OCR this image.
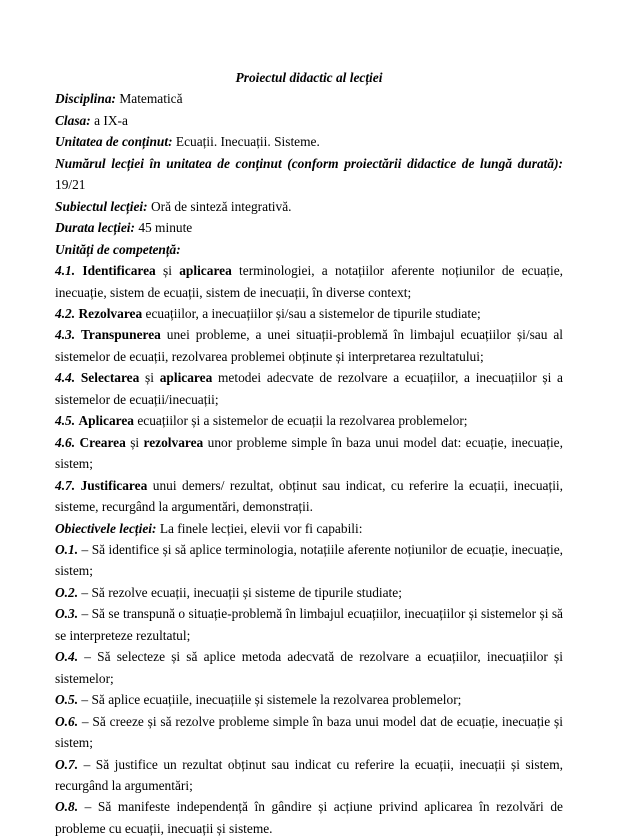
Proiectul didactic al lecției

Disciplina: Matematică

Clasa: a IX-a

Unitatea de conținut: Ecuații. Inecuații. Sisteme.

Numărul lecției în unitatea de conținut (conform proiectării didactice de lungă durată): 19/21

Subiectul lecției: Oră de sinteză integrativă.

Durata lecției: 45 minute

Unități de competență:

4.1. Identificarea și aplicarea terminologiei, a notațiilor aferente noțiunilor de ecuație, inecuație, sistem de ecuații, sistem de inecuații, în diverse context;

4.2. Rezolvarea ecuațiilor, a inecuațiilor și/sau a sistemelor de tipurile studiate;

4.3. Transpunerea unei probleme, a unei situații-problemă în limbajul ecuațiilor și/sau al sistemelor de ecuații, rezolvarea problemei obținute și interpretarea rezultatului;

4.4. Selectarea și aplicarea metodei adecvate de rezolvare a ecuațiilor, a inecuațiilor și a sistemelor de ecuații/inecuații;

4.5. Aplicarea ecuațiilor și a sistemelor de ecuații la rezolvarea problemelor;

4.6. Crearea și rezolvarea unor probleme simple în baza unui model dat: ecuație, inecuație, sistem;

4.7. Justificarea unui demers/ rezultat, obținut sau indicat, cu referire la ecuații, inecuații, sisteme, recurgând la argumentări, demonstrații.

Obiectivele lecției: La finele lecției, elevii vor fi capabili:

O.1. – Să identifice și să aplice terminologia, notațiile aferente noțiunilor de ecuație, inecuație, sistem;

O.2. – Să rezolve ecuații, inecuații și sisteme de tipurile studiate;

O.3. – Să se transpună o situație-problemă în limbajul ecuațiilor, inecuațiilor și sistemelor și să se interpreteze rezultatul;

O.4. – Să selecteze și să aplice metoda adecvată de rezolvare a ecuațiilor, inecuațiilor și sistemelor;

O.5. – Să aplice ecuațiile, inecuațiile și sistemele la rezolvarea problemelor;

O.6. – Să creeze și să rezolve probleme simple în baza unui model dat de ecuație, inecuație și sistem;

O.7. – Să justifice un rezultat obținut sau indicat cu referire la ecuații, inecuații și sistem, recurgând la argumentări;

O.8. – Să manifeste independență în gândire și acțiune privind aplicarea în rezolvări de probleme cu ecuații, inecuații și sisteme.
